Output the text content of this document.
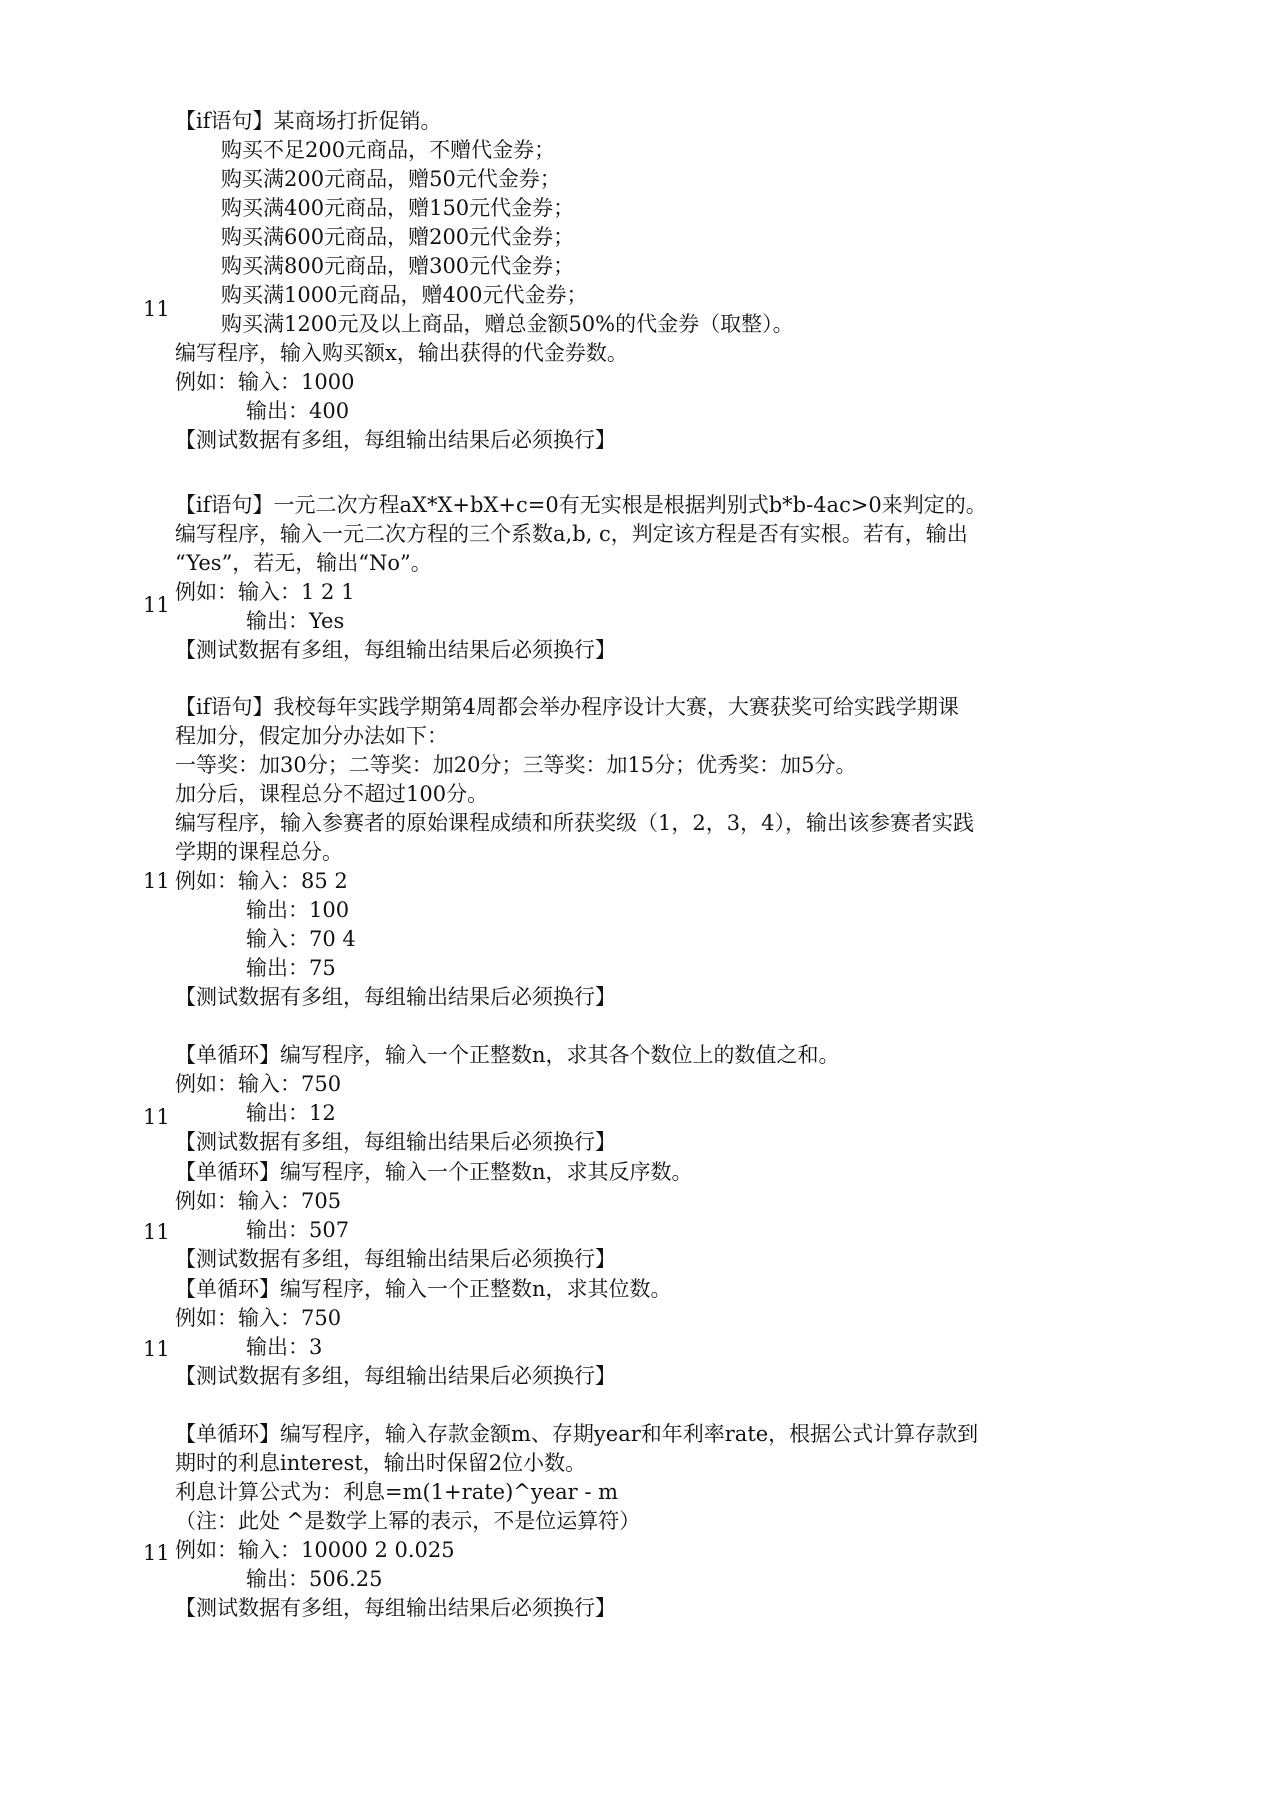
【if语句】某商场打折促销。
购买不足200元商品，不赠代金券；
购买满200元商品，赠50元代金券；
购买满400元商品，赠150元代金券；
购买满600元商品，赠200元代金券；
购买满800元商品，赠300元代金券；
购买满1000元商品，赠400元代金券；
购买满1200元及以上商品，赠总金额50%的代金券（取整）。
编写程序，输入购买额x，输出获得的代金券数。
例如：输入：1000
输出：400
【测试数据有多组，每组输出结果后必须换行】
11
【if语句】一元二次方程aX*X+bX+c=0有无实根是根据判别式b*b-4ac>0来判定的。
编写程序，输入一元二次方程的三个系数a,b, c，判定该方程是否有实根。若有，输出
“Yes”，若无，输出“No”。
例如：输入：1 2 1
输出：Yes
【测试数据有多组，每组输出结果后必须换行】
11
【if语句】我校每年实践学期第4周都会举办程序设计大赛，大赛获奖可给实践学期课
程加分，假定加分办法如下：
一等奖：加30分；二等奖：加20分；三等奖：加15分；优秀奖：加5分。
加分后，课程总分不超过100分。
编写程序，输入参赛者的原始课程成绩和所获奖级（1，2，3，4），输出该参赛者实践
学期的课程总分。
例如：输入：85 2
输出：100
输入：70 4
输出：75
【测试数据有多组，每组输出结果后必须换行】
11
【单循环】编写程序，输入一个正整数n，求其各个数位上的数值之和。
例如：输入：750
输出：12
【测试数据有多组，每组输出结果后必须换行】
11
【单循环】编写程序，输入一个正整数n，求其反序数。
例如：输入：705
输出：507
【测试数据有多组，每组输出结果后必须换行】
11
【单循环】编写程序，输入一个正整数n，求其位数。
例如：输入：750
输出：3
【测试数据有多组，每组输出结果后必须换行】
11
【单循环】编写程序，输入存款金额m、存期year和年利率rate，根据公式计算存款到
期时的利息interest，输出时保留2位小数。
利息计算公式为：利息=m(1+rate)^year - m
（注：此处 ^是数学上幂的表示，不是位运算符）
例如：输入：10000 2 0.025
输出：506.25
【测试数据有多组，每组输出结果后必须换行】
11
